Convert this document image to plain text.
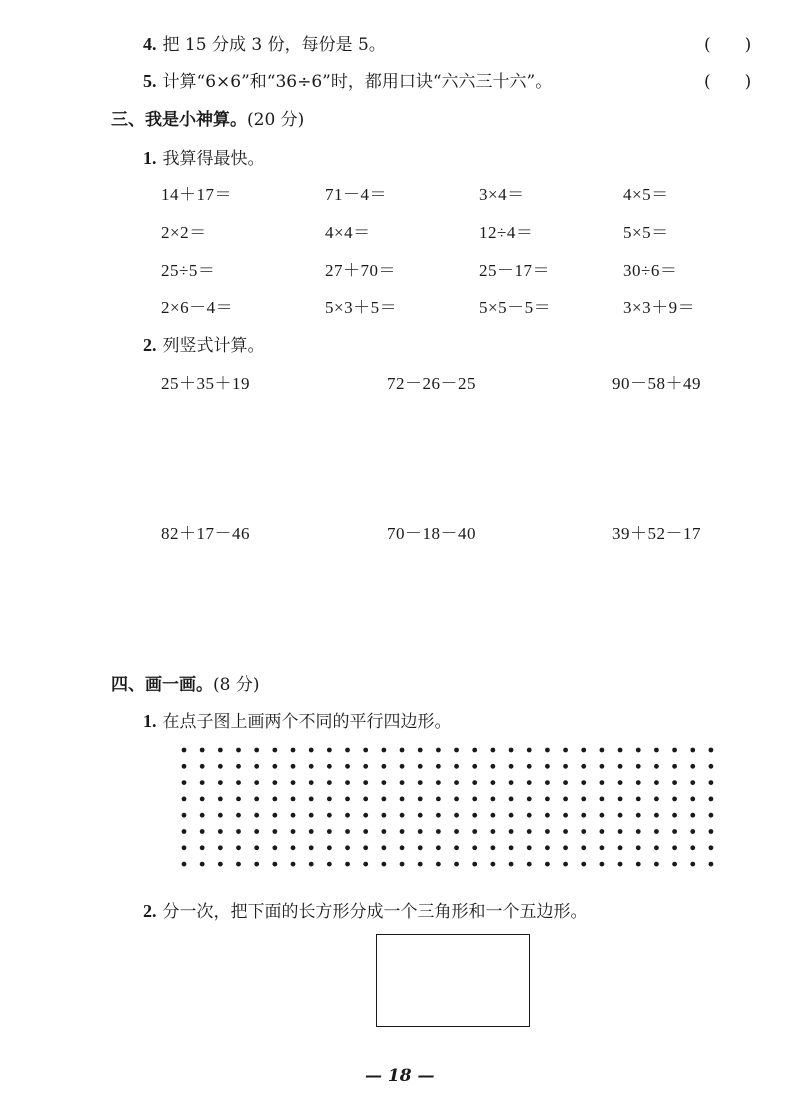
4. 把 15 分成 3 份，每份是 5。	(　　)
5. 计算“6×6”和“36÷6”时，都用口诀“六六三十六”。	(　　)
三、我是小神算。(20 分)
1. 我算得最快。
14＋17＝	71－4＝	3×4＝	4×5＝
2×2＝	4×4＝	12÷4＝	5×5＝
25÷5＝	27＋70＝	25－17＝	30÷6＝
2×6－4＝	5×3＋5＝	5×5－5＝	3×3＋9＝
2. 列竖式计算。
25＋35＋19	72－26－25	90－58＋49
82＋17－46	70－18－40	39＋52－17
四、画一画。(8 分)
1. 在点子图上画两个不同的平行四边形。
2. 分一次，把下面的长方形分成一个三角形和一个五边形。
— 18 —
